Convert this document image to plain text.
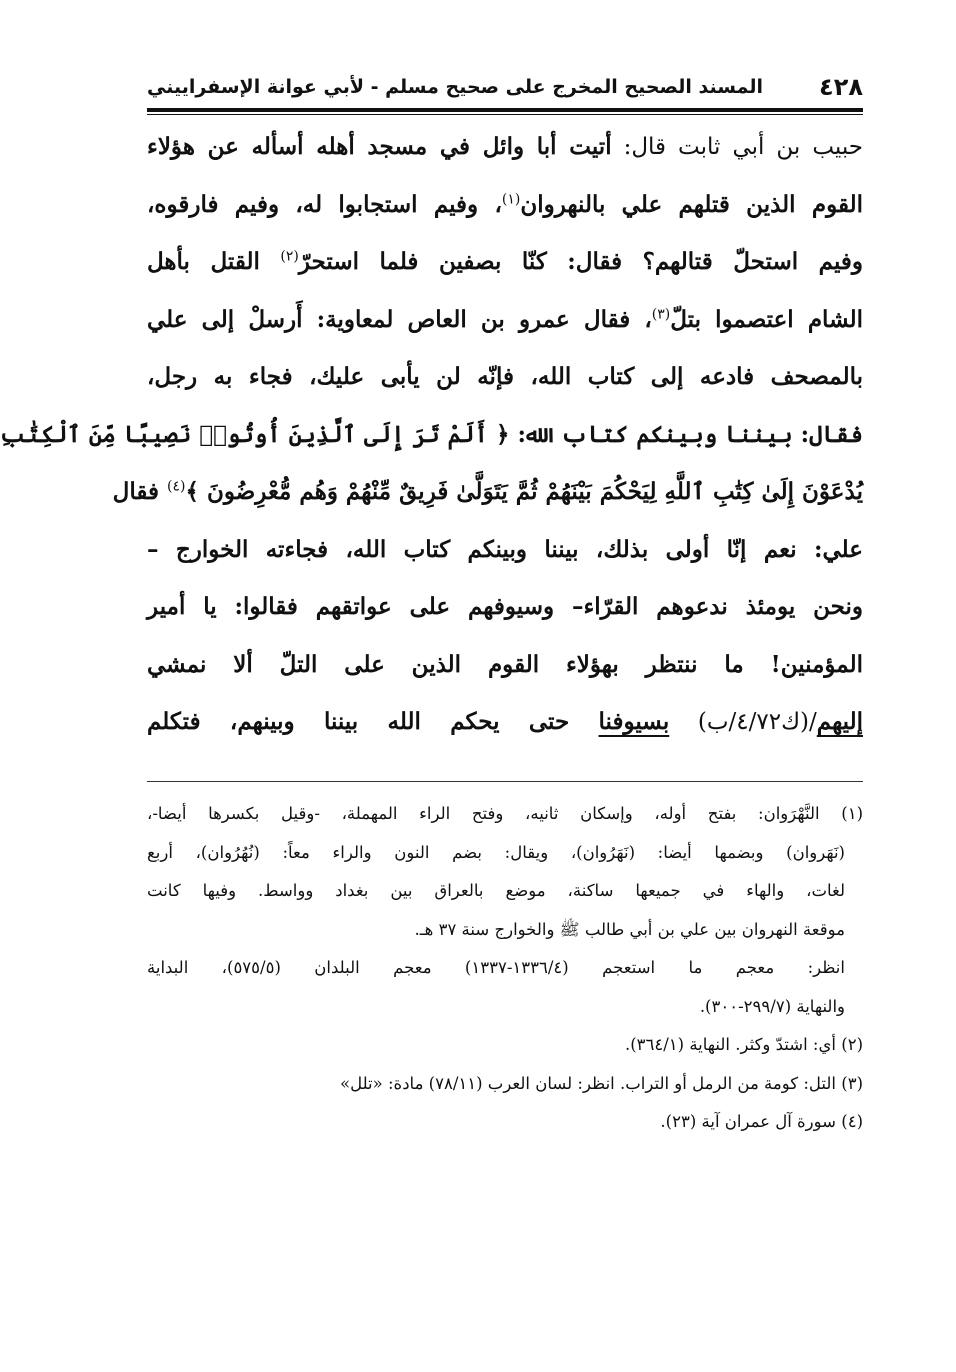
٤٢٨
المسند الصحيح المخرج على صحيح مسلم - لأبي عوانة الإسفراييني
حبيب بن أبي ثابت قال: أتيت أبا وائل في مسجد أهله أسأله عن هؤلاء
القوم الذين قتلهم علي بالنهروان$^{(١)}$، وفيم استجابوا له، وفيم فارقوه،
وفيم استحلّ قتالهم؟ فقال: كنّا بصفين فلما استحرّ$^{(٢)}$ القتل بأهل
الشام اعتصموا بتلّ$^{(٣)}$، فقال عمرو بن العاص لمعاوية: أَرسلْ إلى علي
بالمصحف فادعه إلى كتاب الله، فإنّه لن يأبى عليك، فجاء به رجل،
فقال: بيننا وبينكم كتاب الله: ﴿ أَلَمْ تَرَ إِلَى ٱلَّذِينَ أُوتُوا۟ نَصِيبًا مِّنَ ٱلْكِتَٰبِ
يُدْعَوْنَ إِلَىٰ كِتَٰبِ ٱللَّهِ لِيَحْكُمَ بَيْنَهُمْ ثُمَّ يَتَوَلَّىٰ فَرِيقٌ مِّنْهُمْ وَهُم مُّعْرِضُونَ ﴾$^{(٤)}$ فقال
علي: نعم إنّا أولى بذلك، بيننا وبينكم كتاب الله، فجاءته الخوارج –
ونحن يومئذ ندعوهم القرّاء– وسيوفهم على عواتقهم فقالوا: يا أمير
المؤمنين! ما ننتظر بهؤلاء القوم الذين على التلّ ألا نمشي
إليهم/(ك٤/٧٢/ب) بسيوفنا حتى يحكم الله بيننا وبينهم، فتكلم
(١) النَّهْرَوان: بفتح أوله، وإسكان ثانيه، وفتح الراء المهملة، -وقيل بكسرها أيضا-،
(نَهَروان) وبضمها أيضا: (نَهَرُوان)، ويقال: بضم النون والراء معاً: (نُهُرُوان)، أربع
لغات، والهاء في جميعها ساكنة، موضع بالعراق بين بغداد وواسط. وفيها كانت
موقعة النهروان بين علي بن أبي طالب ﷺ والخوارج سنة ٣٧ هـ.
انظر: معجم ما استعجم (١٣٣٦/٤-١٣٣٧) معجم البلدان (٥٧٥/٥)، البداية
والنهاية (٢٩٩/٧-٣٠٠).
(٢) أي: اشتدّ وكثر. النهاية (٣٦٤/١).
(٣) التل: كومة من الرمل أو التراب. انظر: لسان العرب (٧٨/١١) مادة: «تلل»
(٤) سورة آل عمران آية (٢٣).
